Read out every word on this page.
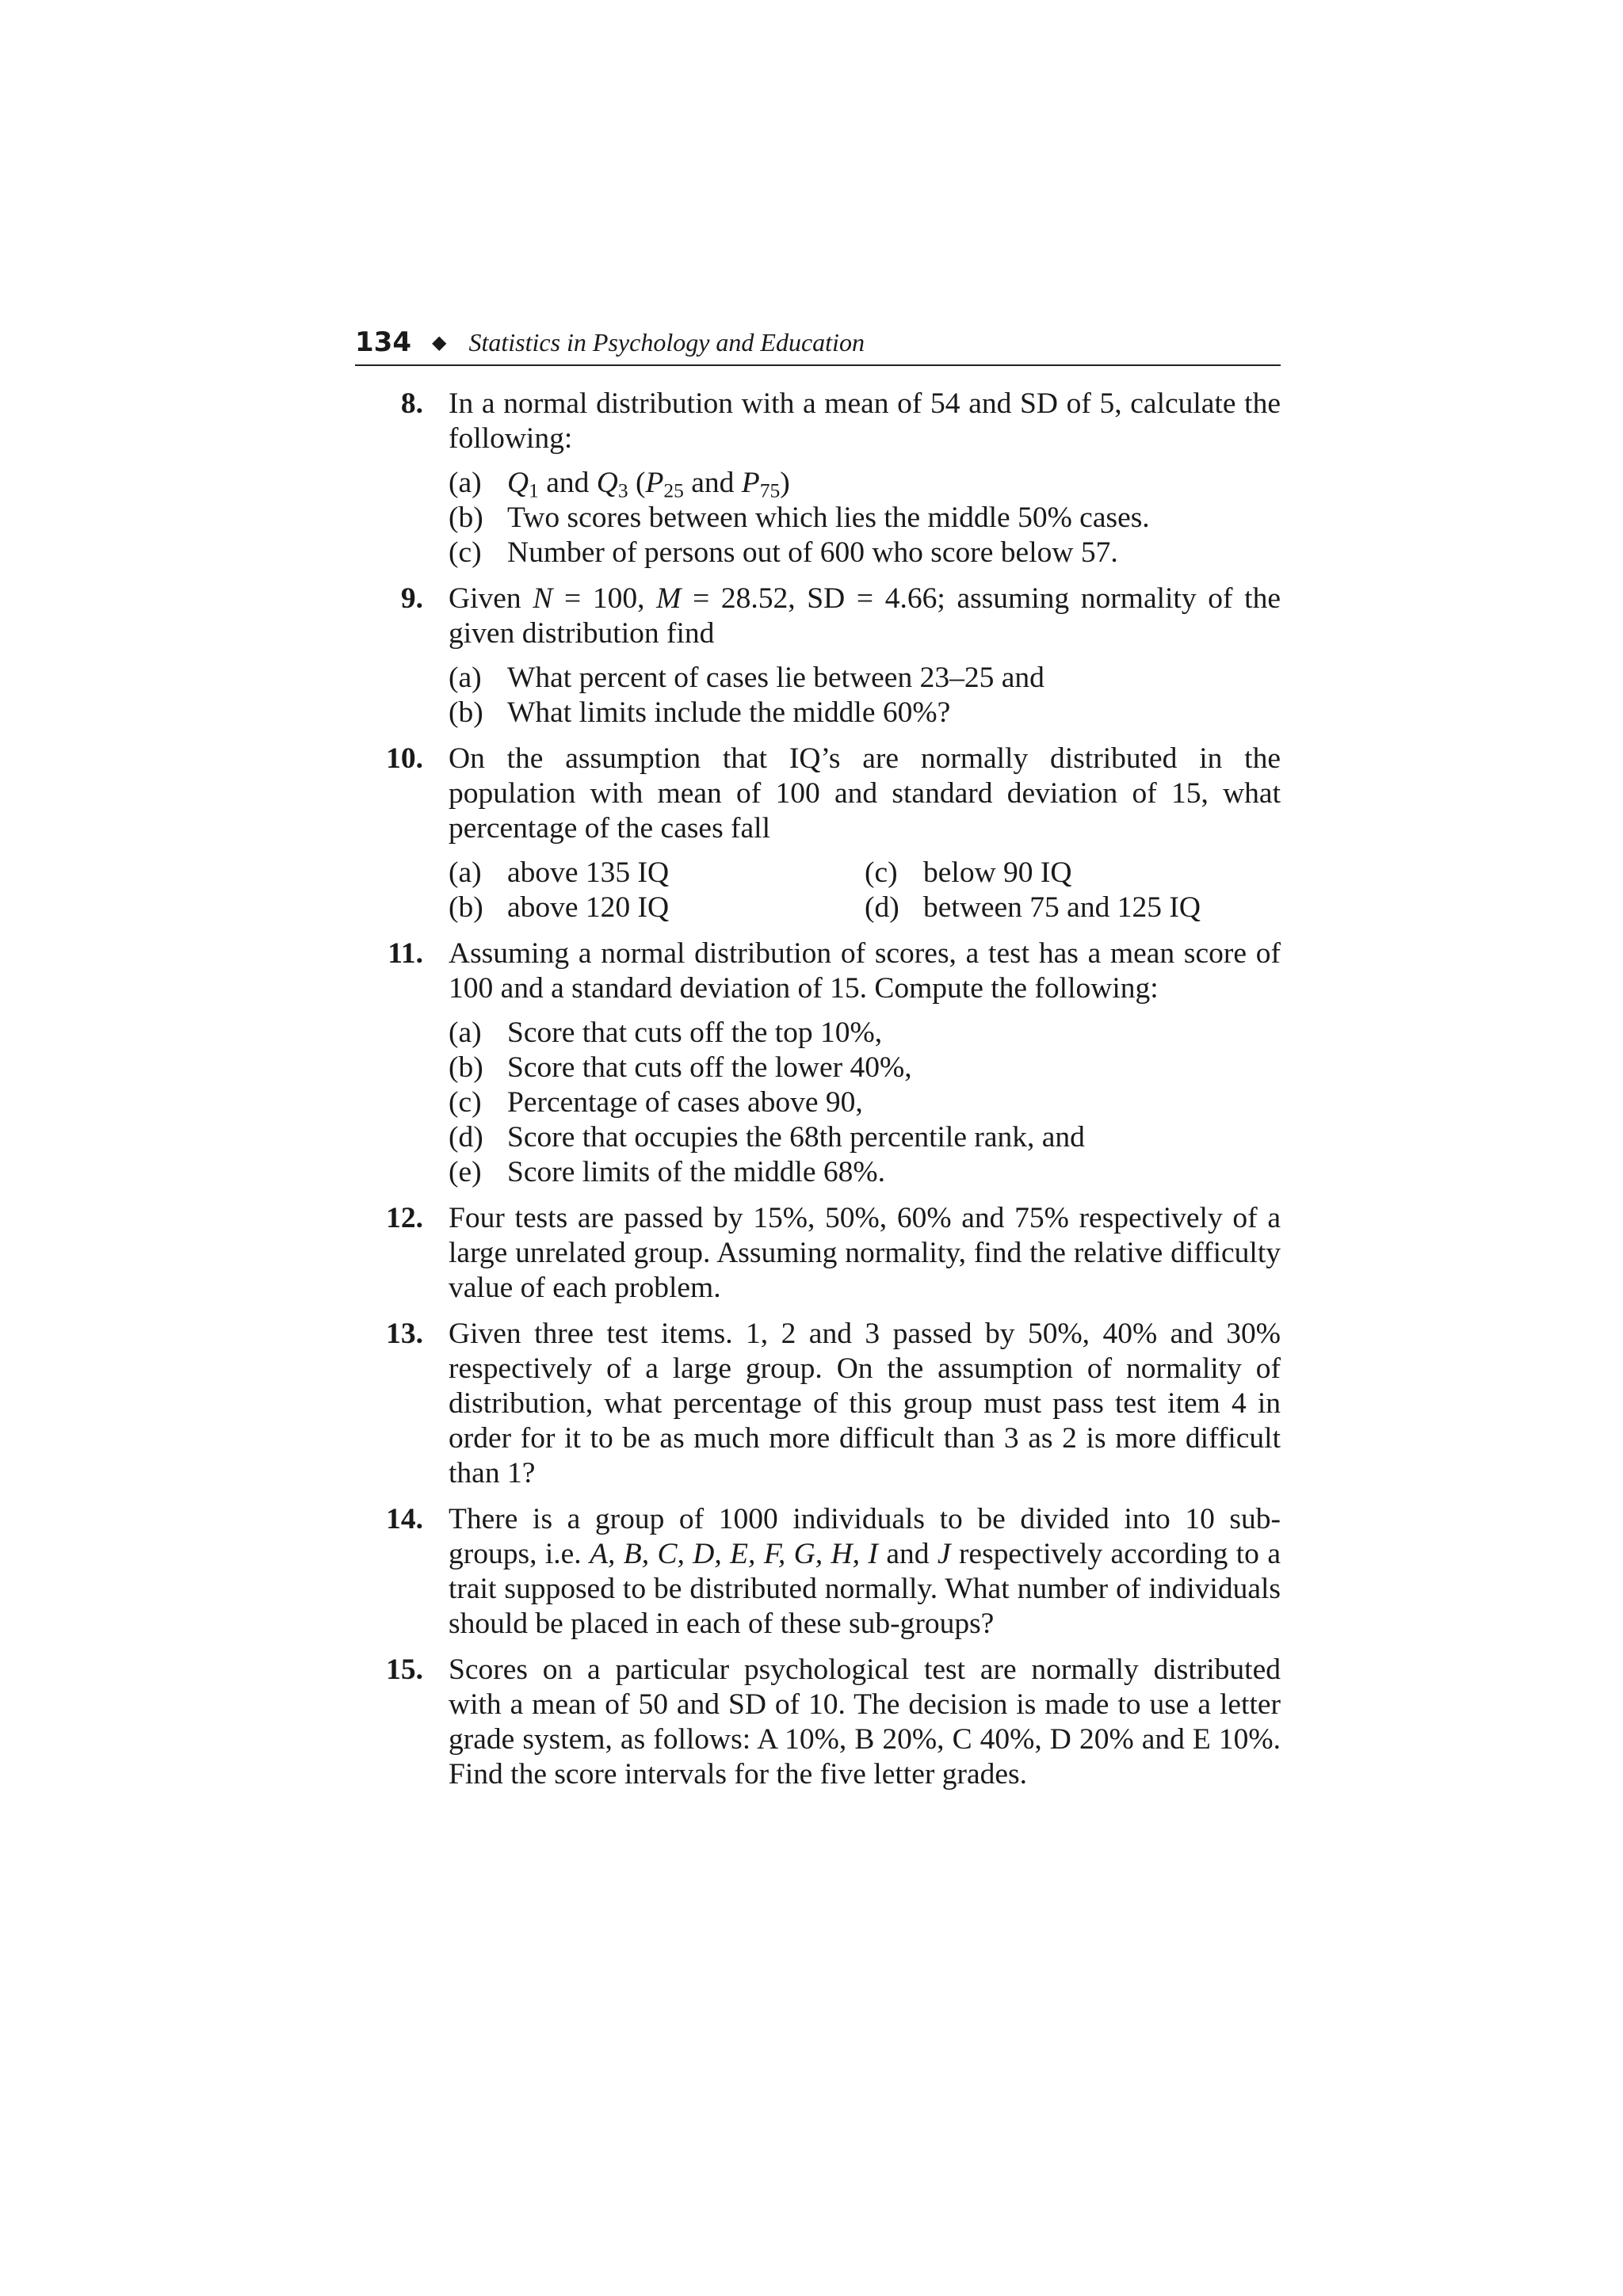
134 ◆ Statistics in Psychology and Education
8. In a normal distribution with a mean of 54 and SD of 5, calculate the following:
(a) $Q_1$ and $Q_3$ ($P_{25}$ and $P_{75}$)
(b) Two scores between which lies the middle 50% cases.
(c) Number of persons out of 600 who score below 57.
9. Given N = 100, M = 28.52, SD = 4.66; assuming normality of the given distribution find
(a) What percent of cases lie between 23–25 and
(b) What limits include the middle 60%?
10. On the assumption that IQ’s are normally distributed in the population with mean of 100 and standard deviation of 15, what percentage of the cases fall
(a) above 135 IQ	(c) below 90 IQ
(b) above 120 IQ	(d) between 75 and 125 IQ
11. Assuming a normal distribution of scores, a test has a mean score of 100 and a standard deviation of 15. Compute the following:
(a) Score that cuts off the top 10%,
(b) Score that cuts off the lower 40%,
(c) Percentage of cases above 90,
(d) Score that occupies the 68th percentile rank, and
(e) Score limits of the middle 68%.
12. Four tests are passed by 15%, 50%, 60% and 75% respectively of a large unrelated group. Assuming normality, find the relative difficulty value of each problem.
13. Given three test items. 1, 2 and 3 passed by 50%, 40% and 30% respectively of a large group. On the assumption of normality of distribution, what percentage of this group must pass test item 4 in order for it to be as much more difficult than 3 as 2 is more difficult than 1?
14. There is a group of 1000 individuals to be divided into 10 sub-groups, i.e. A, B, C, D, E, F, G, H, I and J respectively according to a trait supposed to be distributed normally. What number of individuals should be placed in each of these sub-groups?
15. Scores on a particular psychological test are normally distributed with a mean of 50 and SD of 10. The decision is made to use a letter grade system, as follows: A 10%, B 20%, C 40%, D 20% and E 10%. Find the score intervals for the five letter grades.
